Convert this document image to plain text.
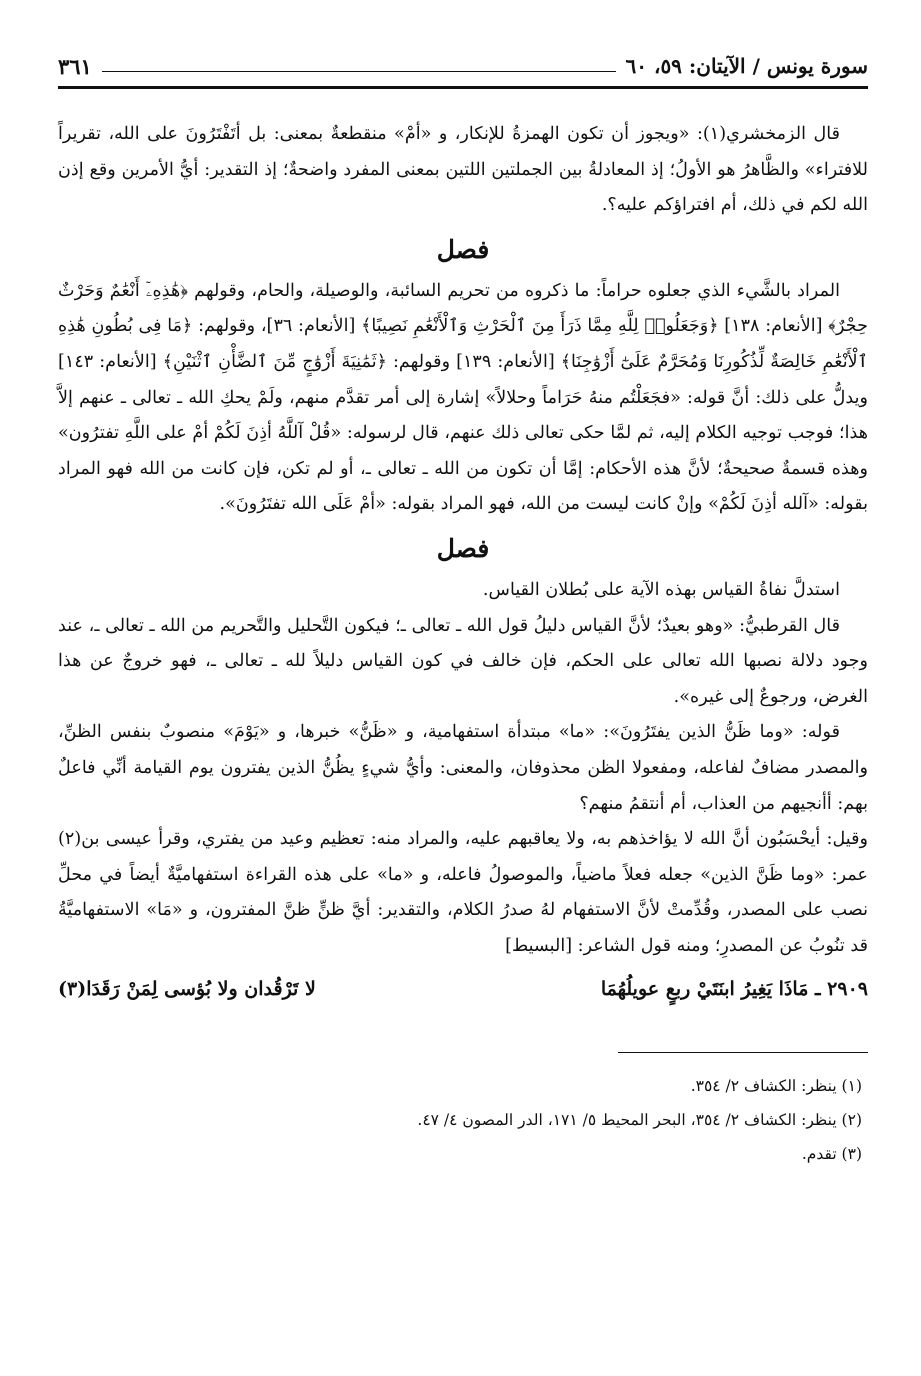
سورة يونس / الآيتان: ٥٩، ٦٠
٣٦١

قال الزمخشري(١): «ويجوز أن تكون الهمزةُ للإنكار، و «أمْ» منقطعةٌ بمعنى: بل أتَفْتَرُونَ على الله، تقريراً للافتراء» والظَّاهرُ هو الأولُ؛ إذ المعادلةُ بين الجملتين اللتين بمعنى المفرد واضحةٌ؛ إذ التقدير: أيُّ الأمرين وقع إذن الله لكم في ذلك، أم افتراؤكم عليه؟.

فصل

المراد بالشَّيء الذي جعلوه حراماً: ما ذكروه من تحريم السائبة، والوصيلة، والحام، وقولهم ﴿هَٰذِهِۦٓ أَنْعَٰمٌ وَحَرْثٌ حِجْرٌ﴾ [الأنعام: ١٣٨] ﴿وَجَعَلُوا۟ لِلَّهِ مِمَّا ذَرَأَ مِنَ ٱلْحَرْثِ وَٱلْأَنْعَٰمِ نَصِيبًا﴾ [الأنعام: ٣٦]، وقولهم: ﴿مَا فِى بُطُونِ هَٰذِهِ ٱلْأَنْعَٰمِ خَالِصَةٌ لِّذُكُورِنَا وَمُحَرَّمٌ عَلَىٰٓ أَزْوَٰجِنَا﴾ [الأنعام: ١٣٩] وقولهم: ﴿ثَمَٰنِيَةَ أَزْوَٰجٍ مِّنَ ٱلضَّأْنِ ٱثْنَيْنِ﴾ [الأنعام: ١٤٣] ويدلُّ على ذلك: أنَّ قوله: «فجَعَلْتُم منهُ حَرَاماً وحلالاً» إشارة إلى أمر تقدَّم منهم، ولَمْ يحكِ الله ـ تعالى ـ عنهم إلاَّ هذا؛ فوجب توجيه الكلام إليه، ثم لمَّا حكى تعالى ذلك عنهم، قال لرسوله: «قُلْ آللَّهُ أذِنَ لَكُمْ أمْ على اللَّهِ تفترُون» وهذه قسمةٌ صحيحةٌ؛ لأنَّ هذه الأحكام: إمَّا أن تكون من الله ـ تعالى ـ، أو لم تكن، فإن كانت من الله فهو المراد بقوله: «آلله أذِنَ لَكُمْ» وإنْ كانت ليست من الله، فهو المراد بقوله: «أمْ عَلَى الله تفتَرُونَ».

فصل

استدلَّ نفاةُ القياس بهذه الآية على بُطلان القياس.

قال القرطبيُّ: «وهو بعيدٌ؛ لأنَّ القياس دليلُ قول الله ـ تعالى ـ؛ فيكون التَّحليل والتَّحريم من الله ـ تعالى ـ، عند وجود دلالة نصبها الله تعالى على الحكم، فإن خالف في كون القياس دليلاً لله ـ تعالى ـ، فهو خروجٌ عن هذا الغرض، ورجوعٌ إلى غيره».

قوله: «وما ظَنُّ الذين يفتَرُونَ»: «ما» مبتدأة استفهامية، و «ظَنُّ» خبرها، و «يَوْمَ» منصوبٌ بنفس الظنِّ، والمصدر مضافٌ لفاعله، ومفعولا الظن محذوفان، والمعنى: وأيُّ شيءٍ يظُنُّ الذين يفترون يوم القيامة أنِّي فاعلٌ بهم: أأنجيهم من العذاب، أم أنتقمُ منهم؟

وقيل: أيحْسَبُون أنَّ الله لا يؤاخذهم به، ولا يعاقبهم عليه، والمراد منه: تعظيم وعيد من يفتري، وقرأ عيسى بن(٢) عمر: «وما ظَنَّ الذين» جعله فعلاً ماضياً، والموصولُ فاعله، و «ما» على هذه القراءة استفهاميَّةٌ أيضاً في محلِّ نصب على المصدر، وقُدِّمتْ لأنَّ الاستفهام لهُ صدرُ الكلام، والتقدير: أيَّ ظنٍّ ظنَّ المفترون، و «مَا» الاستفهاميَّةُ قد تنُوبُ عن المصدرِ؛ ومنه قول الشاعر: [البسيط]

٢٩٠٩ ـ مَاذَا يَغِيرُ ابنَتَيْ ربعٍ عويلُهُمَا
لا تَرْقُدان ولا بُؤسى لِمَنْ رَقَدَا(٣)

(١) ينظر: الكشاف ٢/ ٣٥٤.

(٢) ينظر: الكشاف ٢/ ٣٥٤، البحر المحيط ٥/ ١٧١، الدر المصون ٤/ ٤٧.

(٣) تقدم.
